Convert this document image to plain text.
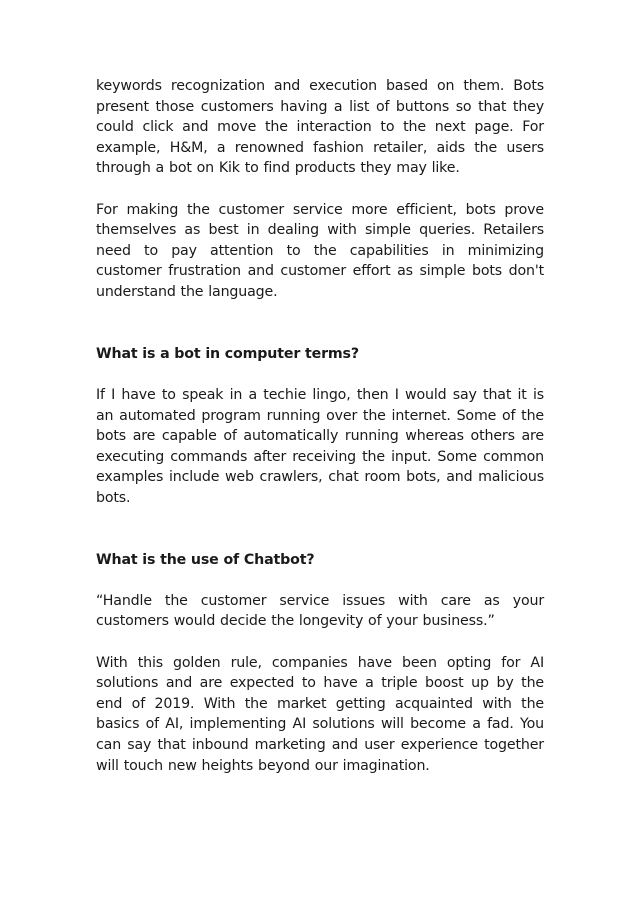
keywords recognization and execution based on them. Bots present those customers having a list of buttons so that they could click and move the interaction to the next page. For example, H&M, a renowned fashion retailer, aids the users through a bot on Kik to find products they may like.

For making the customer service more efficient, bots prove themselves as best in dealing with simple queries. Retailers need to pay attention to the capabilities in minimizing customer frustration and customer effort as simple bots don't understand the language.

What is a bot in computer terms?

If I have to speak in a techie lingo, then I would say that it is an automated program running over the internet. Some of the bots are capable of automatically running whereas others are executing commands after receiving the input. Some common examples include web crawlers, chat room bots, and malicious bots.

What is the use of Chatbot?

“Handle the customer service issues with care as your customers would decide the longevity of your business.”

With this golden rule, companies have been opting for AI solutions and are expected to have a triple boost up by the end of 2019. With the market getting acquainted with the basics of AI, implementing AI solutions will become a fad. You can say that inbound marketing and user experience together will touch new heights beyond our imagination.
